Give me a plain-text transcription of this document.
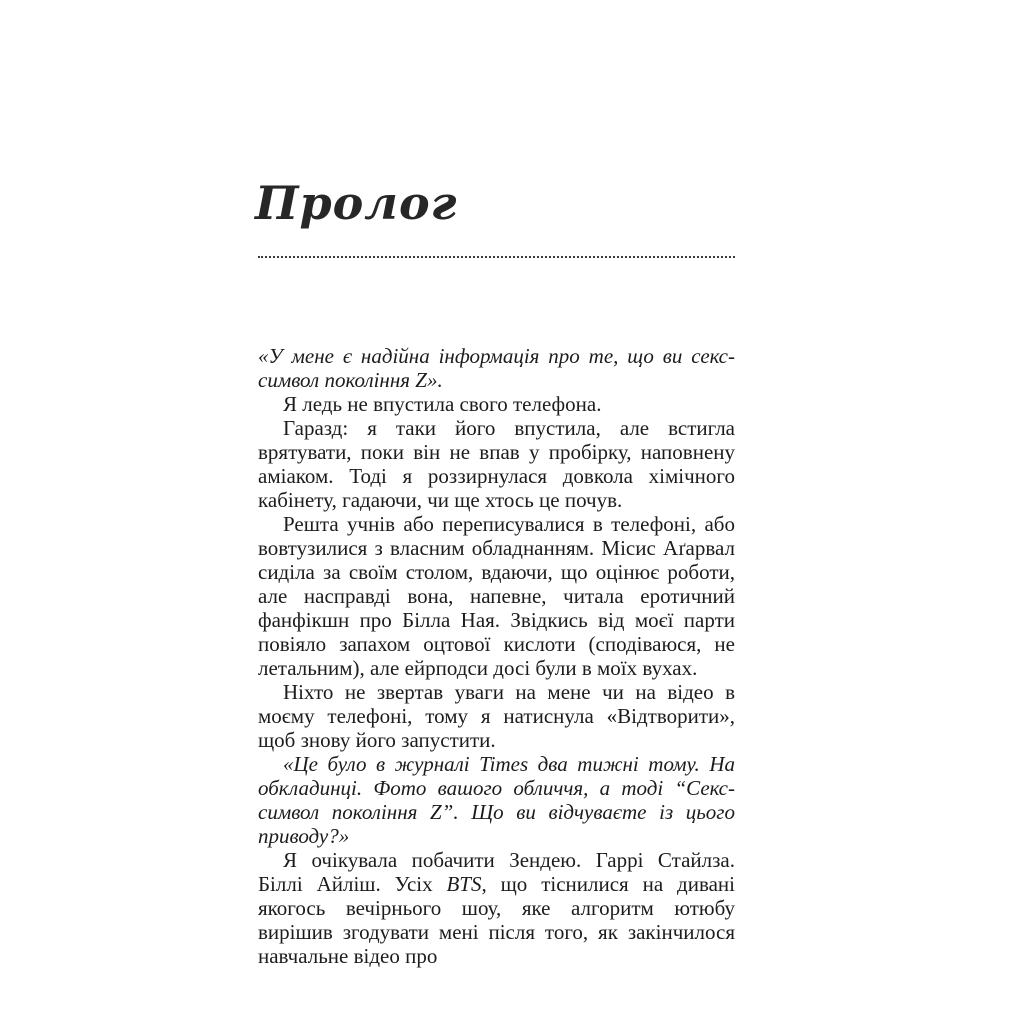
Пролог

«У мене є надійна інформація про те, що ви секс-символ покоління Z».

Я ледь не впустила свого телефона.

Гаразд: я таки його впустила, але встигла врятувати, поки він не впав у пробірку, наповнену аміаком. Тоді я роззирнулася довкола хімічного кабінету, гадаючи, чи ще хтось це почув.

Решта учнів або переписувалися в телефоні, або вовтузилися з власним обладнанням. Місис Аґарвал сиділа за своїм столом, вдаючи, що оцінює роботи, але насправді вона, напевне, читала еротичний фанфікшн про Білла Ная. Звідкись від моєї парти повіяло запахом оцтової кислоти (сподіваюся, не летальним), але ейрподси досі були в моїх вухах.

Ніхто не звертав уваги на мене чи на відео в моєму телефоні, тому я натиснула «Відтворити», щоб знову його запустити.

«Це було в журналі Times два тижні тому. На обкладинці. Фото вашого обличчя, а тоді “Секс-символ покоління Z”. Що ви відчуваєте із цього приводу?»

Я очікувала побачити Зендею. Гаррі Стайлза. Біллі Айліш. Усіх BTS, що тіснилися на дивані якогось вечірнього шоу, яке алгоритм ютюбу вирішив згодувати мені після того, як закінчилося навчальне відео про
